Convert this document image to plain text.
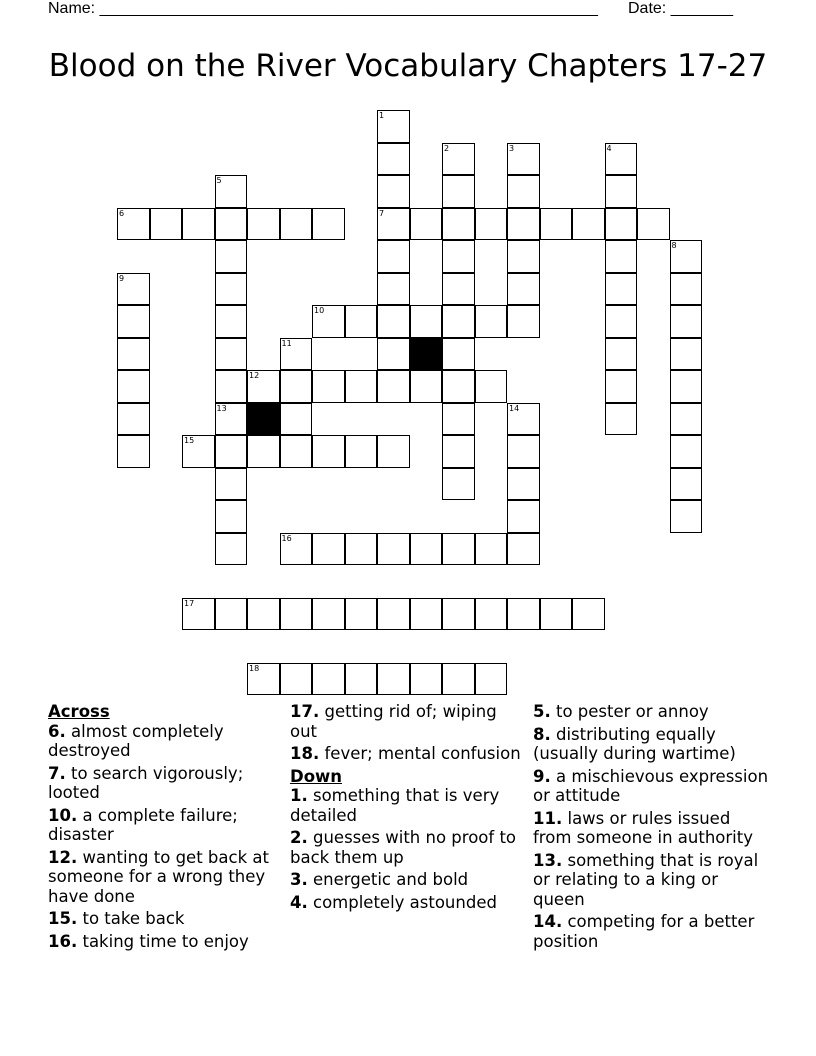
Name: ________________________________________________________ Date: _______
Blood on the River Vocabulary Chapters 17-27
1
7
2	3	4
5
13
8
9
11
14
6
10
12
15
16
17
18
Across
6. almost completely destroyed
7. to search vigorously; looted
10. a complete failure; disaster
12. wanting to get back at someone for a wrong they have done
15. to take back
16. taking time to enjoy
17. getting rid of; wiping out
18. fever; mental confusion
Down
1. something that is very detailed
2. guesses with no proof to back them up
3. energetic and bold
4. completely astounded
5. to pester or annoy
8. distributing equally (usually during wartime)
9. a mischievous expression or attitude
11. laws or rules issued from someone in authority
13. something that is royal or relating to a king or queen
14. competing for a better position
